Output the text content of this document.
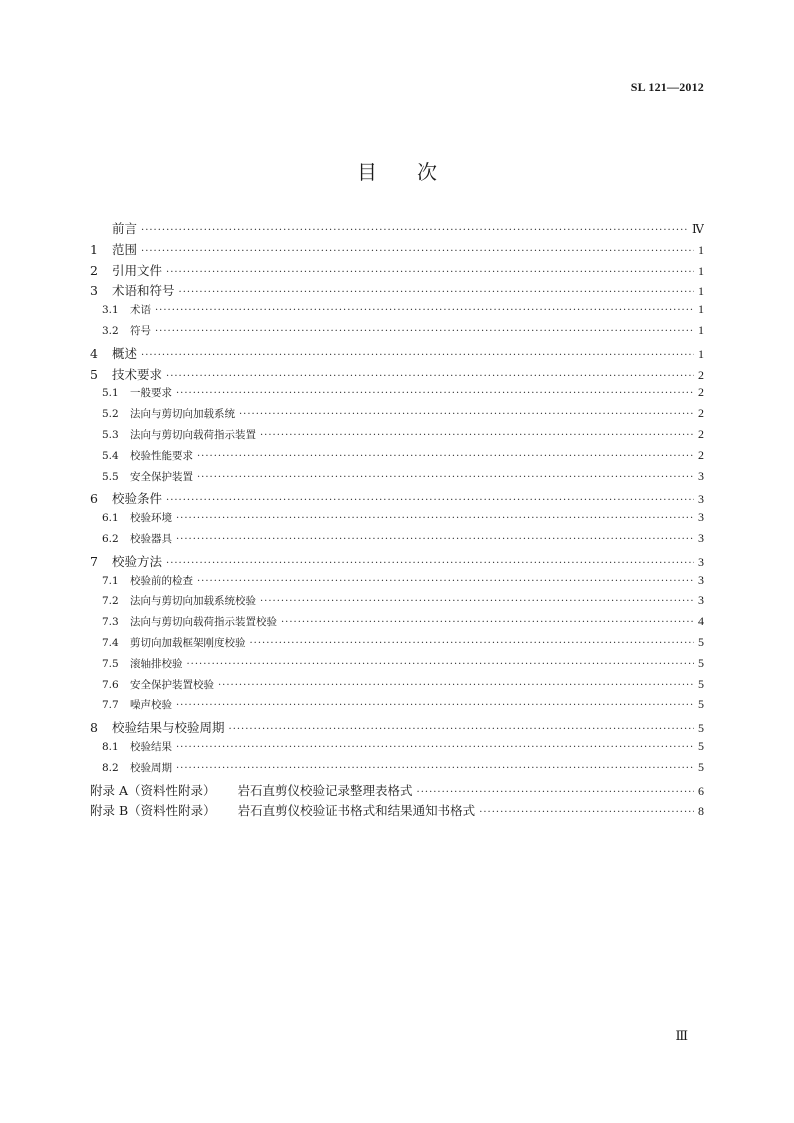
SL 121—2012
目 次
前言 ·····	Ⅳ
1	范围 ·····	1
2	引用文件 ·····	1
3	术语和符号 ·····	1
3.1	术语 ·····	1
3.2	符号 ·····	1
4	概述 ·····	1
5	技术要求 ·····	2
5.1	一般要求 ·····	2
5.2	法向与剪切向加载系统 ·····	2
5.3	法向与剪切向载荷指示装置 ·····	2
5.4	校验性能要求 ·····	2
5.5	安全保护装置 ·····	3
6	校验条件 ·····	3
6.1	校验环境 ·····	3
6.2	校验器具 ·····	3
7	校验方法 ·····	3
7.1	校验前的检查 ·····	3
7.2	法向与剪切向加载系统校验 ·····	3
7.3	法向与剪切向载荷指示装置校验 ·····	4
7.4	剪切向加载框架刚度校验 ·····	5
7.5	滚轴排校验 ·····	5
7.6	安全保护装置校验 ·····	5
7.7	噪声校验 ·····	5
8	校验结果与校验周期 ·····	5
8.1	校验结果 ·····	5
8.2	校验周期 ·····	5
附录 A（资料性附录）	岩石直剪仪校验记录整理表格式 ·····	6
附录 B（资料性附录）	岩石直剪仪校验证书格式和结果通知书格式 ·····	8
Ⅲ
